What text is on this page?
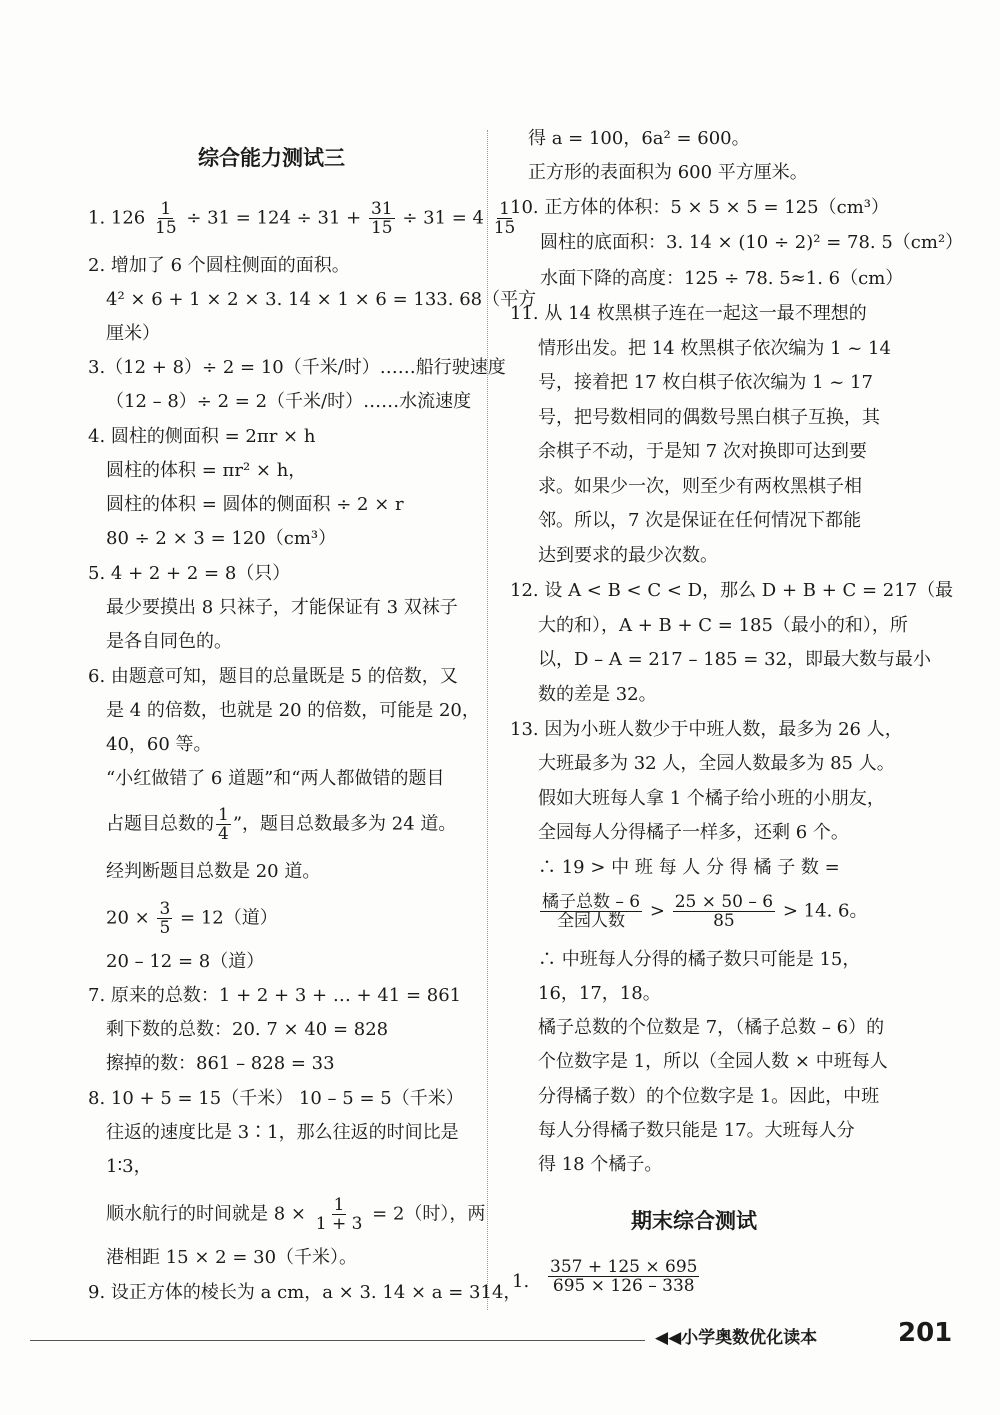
综合能力测试三
1. $126 \frac{1}{15} \div 31 = 124 \div 31 + \frac{31}{15} \div 31 = 4 \frac{1}{15}$
2. 增加了 6 个圆柱侧面的面积。
4² × 6 + 1 × 2 × 3. 14 × 1 × 6 = 133. 68（平方
厘米）
3.（12 + 8）÷ 2 = 10（千米/时）……船行驶速度
（12 – 8）÷ 2 = 2（千米/时）……水流速度
4. 圆柱的侧面积 = 2πr × h
圆柱的体积 = πr² × h，
圆柱的体积 = 圆体的侧面积 ÷ 2 × r
80 ÷ 2 × 3 = 120（cm³）
5. 4 + 2 + 2 = 8（只）
最少要摸出 8 只袜子，才能保证有 3 双袜子
是各自同色的。
6. 由题意可知，题目的总量既是 5 的倍数，又
是 4 的倍数，也就是 20 的倍数，可能是 20，
40，60 等。
“小红做错了 6 道题”和“两人都做错的题目
占题目总数的 $\frac{1}{4}$ ”，题目总数最多为 24 道。
经判断题目总数是 20 道。
$20 \times \frac{3}{5} = 12$（道）
20 – 12 = 8（道）
7. 原来的总数：1 + 2 + 3 + … + 41 = 861
剩下数的总数：20. 7 × 40 = 828
擦掉的数：861 – 828 = 33
8. 10 + 5 = 15（千米） 10 – 5 = 5（千米）
往返的速度比是 3∶1，那么往返的时间比是
1∶3，
顺水航行的时间就是 $8 \times \frac{1}{1 + 3} = 2$（时），两
港相距 15 × 2 = 30（千米）。
9. 设正方体的棱长为 a cm，a × 3. 14 × a = 314，
得 a = 100，6a² = 600。
正方形的表面积为 600 平方厘米。
10. 正方体的体积：5 × 5 × 5 = 125（cm³）
圆柱的底面积：3. 14 × (10 ÷ 2)² = 78. 5（cm²）
水面下降的高度：125 ÷ 78. 5≈1. 6（cm）
11. 从 14 枚黑棋子连在一起这一最不理想的
情形出发。把 14 枚黑棋子依次编为 1 ~ 14
号，接着把 17 枚白棋子依次编为 1 ~ 17
号，把号数相同的偶数号黑白棋子互换，其
余棋子不动，于是知 7 次对换即可达到要
求。如果少一次，则至少有两枚黑棋子相
邻。所以，7 次是保证在任何情况下都能
达到要求的最少次数。
12. 设 A < B < C < D，那么 D + B + C = 217（最
大的和），A + B + C = 185（最小的和），所
以，D – A = 217 – 185 = 32，即最大数与最小
数的差是 32。
13. 因为小班人数少于中班人数，最多为 26 人，
大班最多为 32 人，全园人数最多为 85 人。
假如大班每人拿 1 个橘子给小班的小朋友，
全园每人分得橘子一样多，还剩 6 个。
∴ 19 > 中 班 每 人 分 得 橘 子 数 =
$\frac{\text{橘子总数 – 6}}{\text{全园人数}} > \frac{25 \times 50 - 6}{85} > 14$. 6。
∴ 中班每人分得的橘子数只可能是 15，
16，17，18。
橘子总数的个位数是 7，（橘子总数 – 6）的
个位数字是 1，所以（全园人数 × 中班每人
分得橘子数）的个位数字是 1。因此，中班
每人分得橘子数只能是 17。大班每人分
得 18 个橘子。
期末综合测试
1. $\frac{357 + 125 \times 695}{695 \times 126 - 338}$
◀◀小学奥数优化读本	201
